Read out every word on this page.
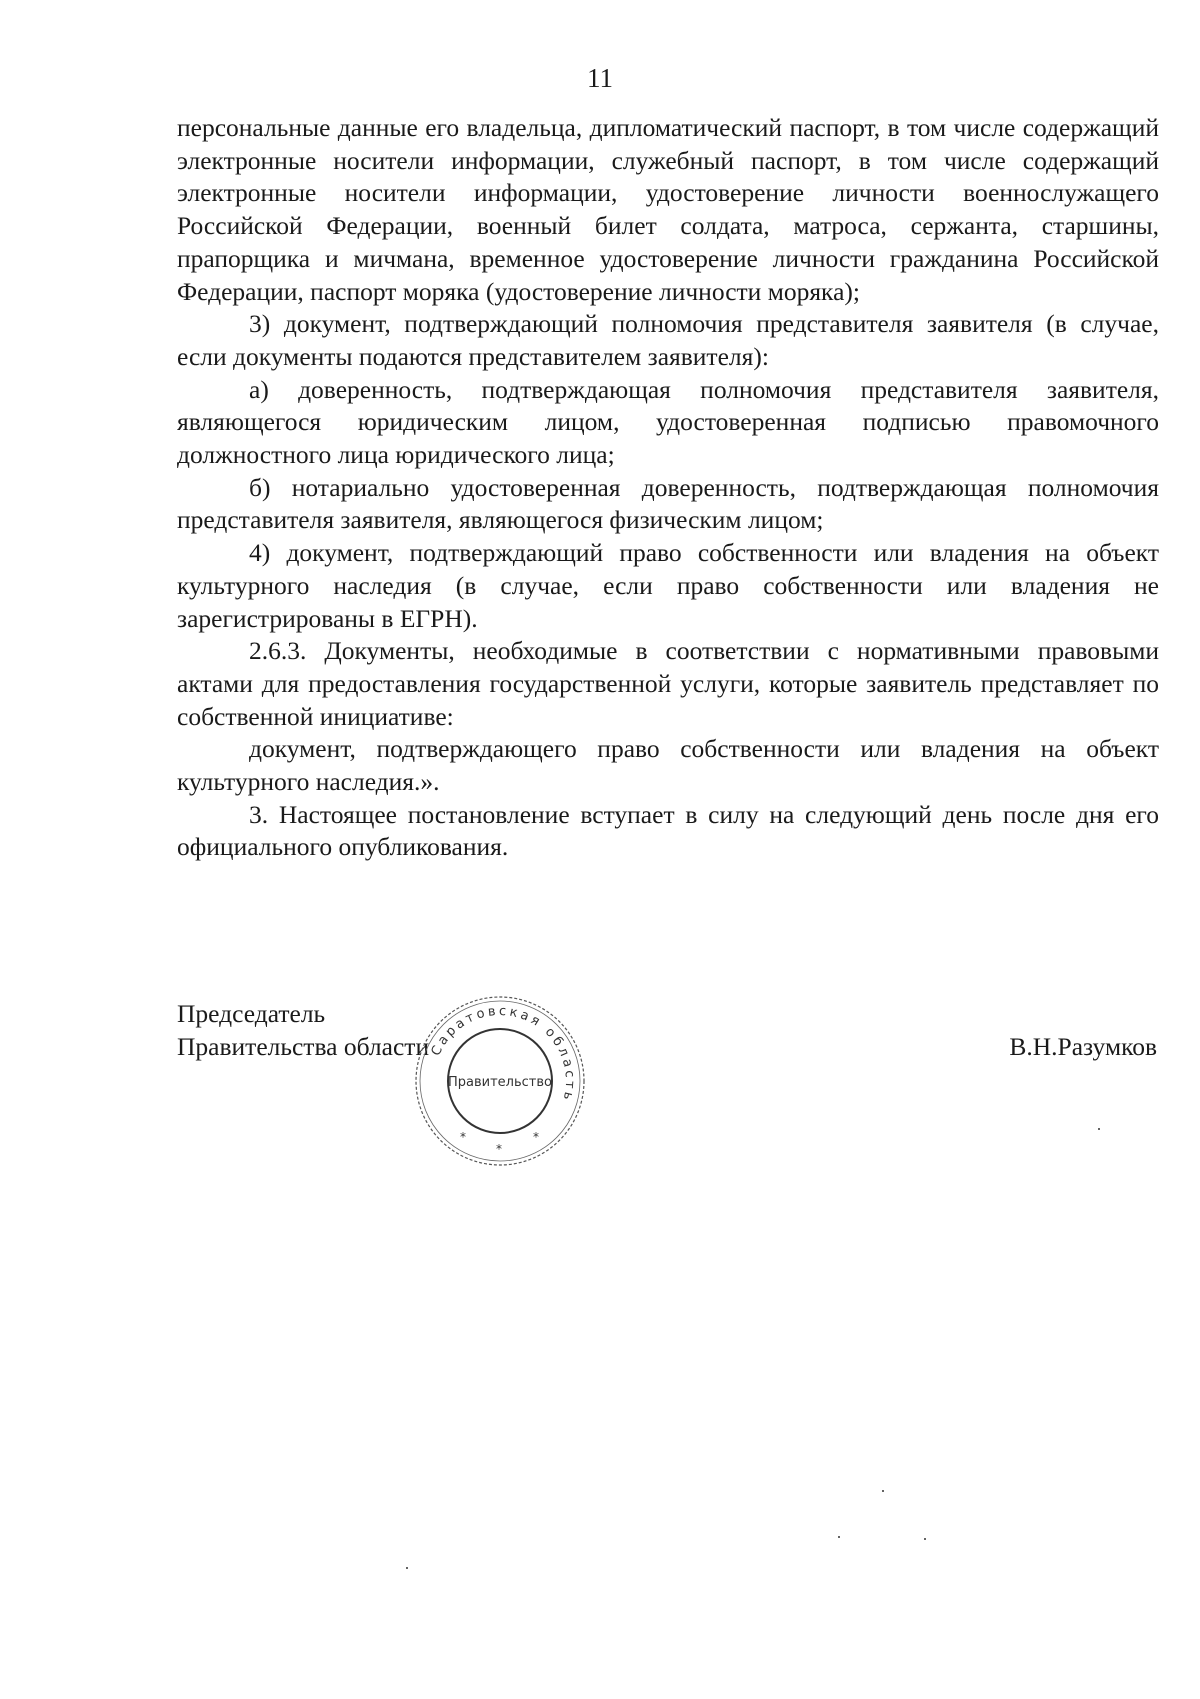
11

персональные данные его владельца, дипломатический паспорт, в том числе содержащий электронные носители информации, служебный паспорт, в том числе содержащий электронные носители информации, удостоверение личности военнослужащего Российской Федерации, военный билет солдата, матроса, сержанта, старшины, прапорщика и мичмана, временное удостоверение личности гражданина Российской Федерации, паспорт моряка (удостоверение личности моряка);

3) документ, подтверждающий полномочия представителя заявителя (в случае, если документы подаются представителем заявителя):

а) доверенность, подтверждающая полномочия представителя заявителя, являющегося юридическим лицом, удостоверенная подписью правомочного должностного лица юридического лица;

б) нотариально удостоверенная доверенность, подтверждающая полномочия представителя заявителя, являющегося физическим лицом;

4) документ, подтверждающий право собственности или владения на объект культурного наследия (в случае, если право собственности или владения не зарегистрированы в ЕГРН).

2.6.3. Документы, необходимые в соответствии с нормативными правовыми актами для предоставления государственной услуги, которые заявитель представляет по собственной инициативе:

документ, подтверждающего право собственности или владения на объект культурного наследия.».

3. Настоящее постановление вступает в силу на следующий день после дня его официального опубликования.

Председатель
Правительства области	В.Н.Разумков
Саратовская область
Правительство
*
*
*
